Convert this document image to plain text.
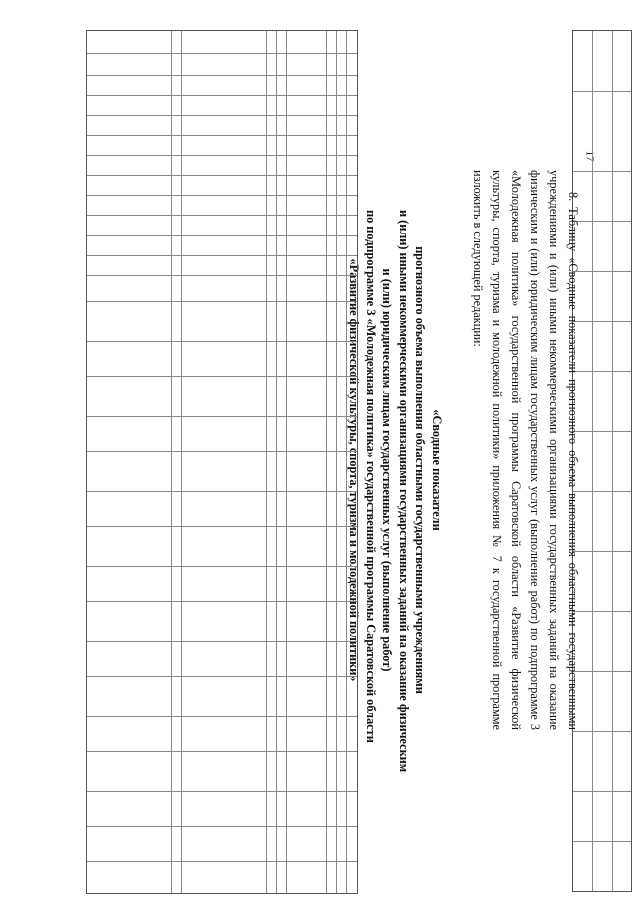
17

8. Таблицу «Сводные показатели прогнозного объема выполнения областными государственными учреждениями и (или) иными некоммерческими организациями государственных заданий на оказание физическим и (или) юридическим лицам государственных услуг (выполнение работ) по подпрограмме 3 «Молодежная политика» государственной программы Саратовской области «Развитие физической культуры, спорта, туризма и молодежной политики» приложения № 7 к государственной программе изложить в следующей редакции:

«Сводные показатели
прогнозного объема выполнения областными государственными учреждениями
и (или) иными некоммерческими организациями государственных заданий на оказание физическим
и (или) юридическим лицам государственных услуг (выполнение работ)
по подпрограмме 3 «Молодежная политика» государственной программы Саратовской области
«Развитие физической культуры, спорта, туризма и молодежной политики»
